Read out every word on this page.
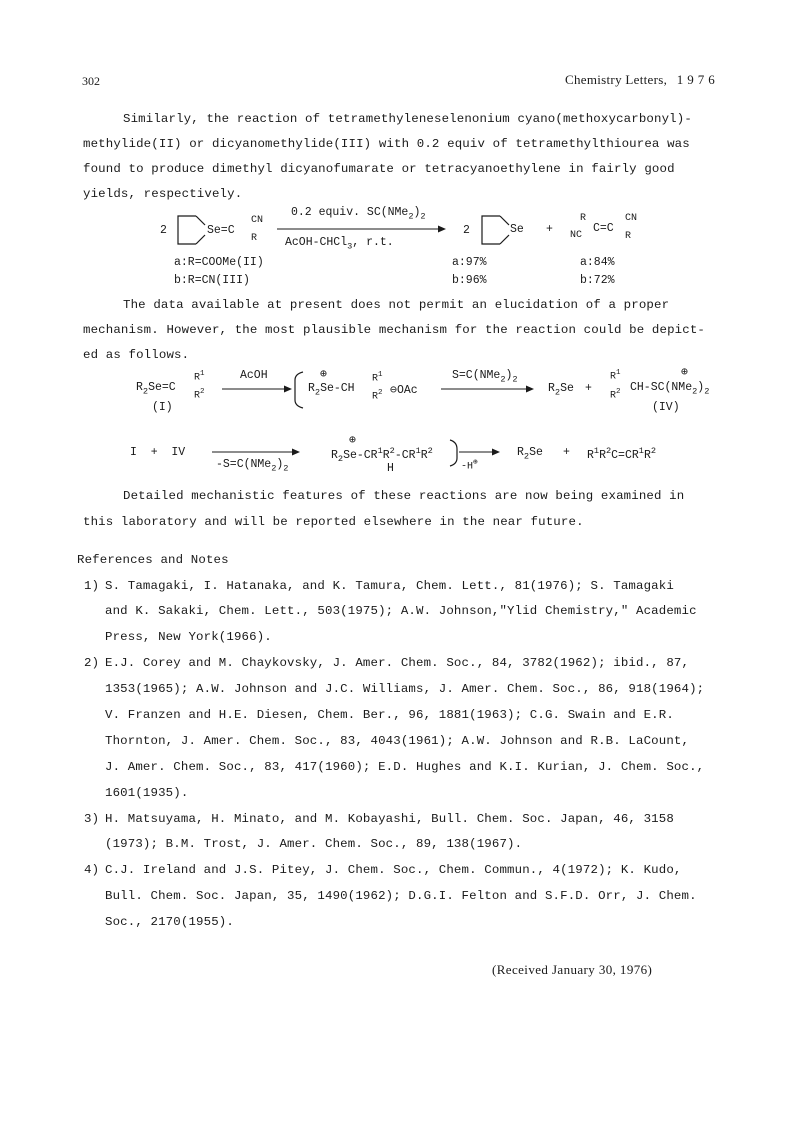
302	Chemistry Letters, 1976
Similarly, the reaction of tetramethyleneselenonium cyano(methoxycarbonyl)-
methylide(II) or dicyanomethylide(III) with 0.2 equiv of tetramethylthiourea was
found to produce dimethyl dicyanofumarate or tetracyanoethylene in fairly good
yields, respectively.
2	Se=C
CN
R
0.2 equiv. $SC(NMe_2)_2$
AcOH-CHCl$_3$, r.t.
2	Se +
R
NC
C=C
CN
R
a:R=COOMe(II)
b:R=CN(III)
a:97%
b:96%
a:84%
b:72%
The data available at present does not permit an elucidation of a proper
mechanism. However, the most plausible mechanism for the reaction could be depict-
ed as follows.
$R_2Se=C$
$R^1$
$R^2$
(I)
AcOH	⊕
$R_2Se-CH$
$R^1$
$R^2$ ⊖OAc
$S=C(NMe_2)_2$
$R_2Se$ +
$R^1$
$R^2$
⊕
$CH-SC(NMe_2)_2$
(IV)
I  +  IV
$-S=C(NMe_2)_2$
⊕
$R_2Se-CR^1R^2-CR^1R^2$
H	-H⊕
$R_2Se + R^1R^2C=CR^1R^2$
Detailed mechanistic features of these reactions are now being examined in
this laboratory and will be reported elsewhere in the near future.
References and Notes
1) S. Tamagaki, I. Hatanaka, and K. Tamura, Chem. Lett., 81(1976); S. Tamagaki
and K. Sakaki, Chem. Lett., 503(1975); A.W. Johnson,"Ylid Chemistry," Academic
Press, New York(1966).
2) E.J. Corey and M. Chaykovsky, J. Amer. Chem. Soc., 84, 3782(1962); ibid., 87,
1353(1965); A.W. Johnson and J.C. Williams, J. Amer. Chem. Soc., 86, 918(1964);
V. Franzen and H.E. Diesen, Chem. Ber., 96, 1881(1963); C.G. Swain and E.R.
Thornton, J. Amer. Chem. Soc., 83, 4043(1961); A.W. Johnson and R.B. LaCount,
J. Amer. Chem. Soc., 83, 417(1960); E.D. Hughes and K.I. Kurian, J. Chem. Soc.,
1601(1935).
3) H. Matsuyama, H. Minato, and M. Kobayashi, Bull. Chem. Soc. Japan, 46, 3158
(1973); B.M. Trost, J. Amer. Chem. Soc., 89, 138(1967).
4) C.J. Ireland and J.S. Pitey, J. Chem. Soc., Chem. Commun., 4(1972); K. Kudo,
Bull. Chem. Soc. Japan, 35, 1490(1962); D.G.I. Felton and S.F.D. Orr, J. Chem.
Soc., 2170(1955).
(Received January 30, 1976)
